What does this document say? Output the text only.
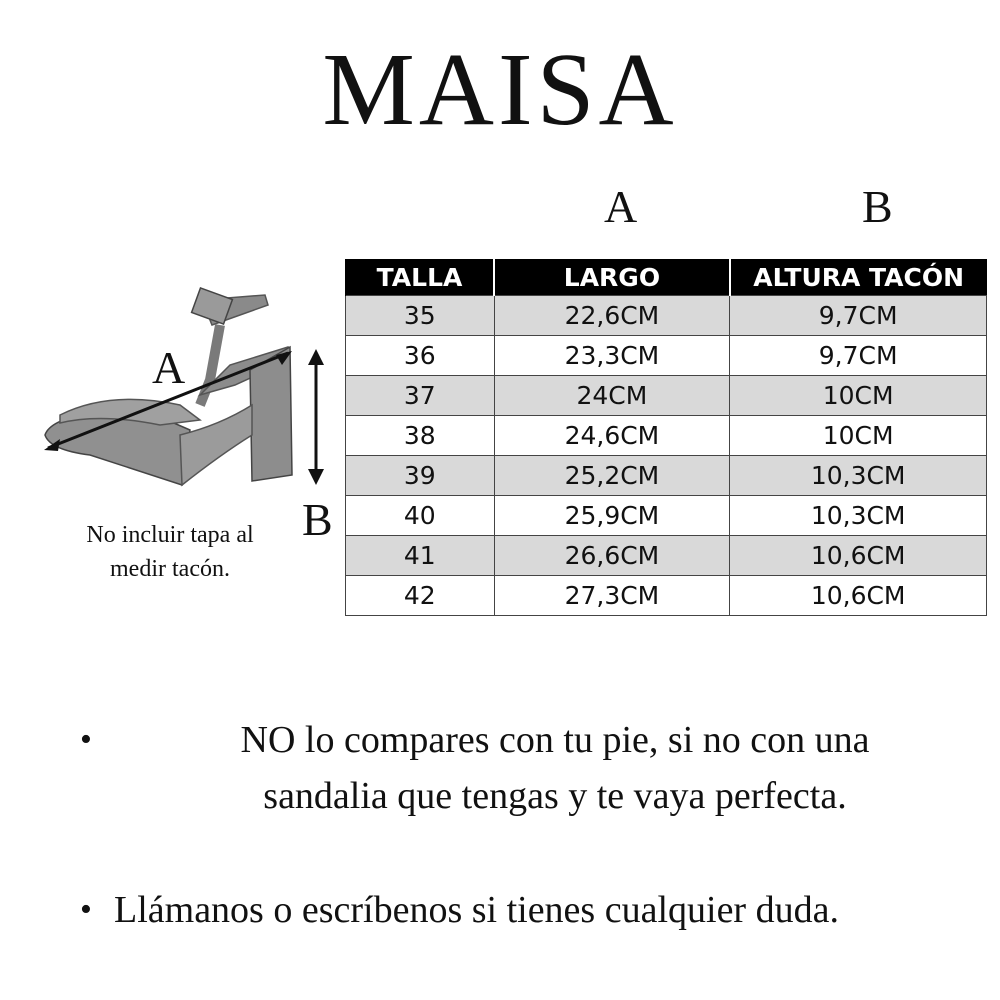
MAISA
A	B
A
B
No incluir tapa al
medir tacón.
TALLA	LARGO	ALTURA TACÓN
35	22,6CM	9,7CM
36	23,3CM	9,7CM
37	24CM	10CM
38	24,6CM	10CM
39	25,2CM	10,3CM
40	25,9CM	10,3CM
41	26,6CM	10,6CM
42	27,3CM	10,6CM
•	NO lo compares con tu pie, si no con una
sandalia que tengas y te vaya perfecta.
• Llámanos o escríbenos si tienes cualquier duda.
